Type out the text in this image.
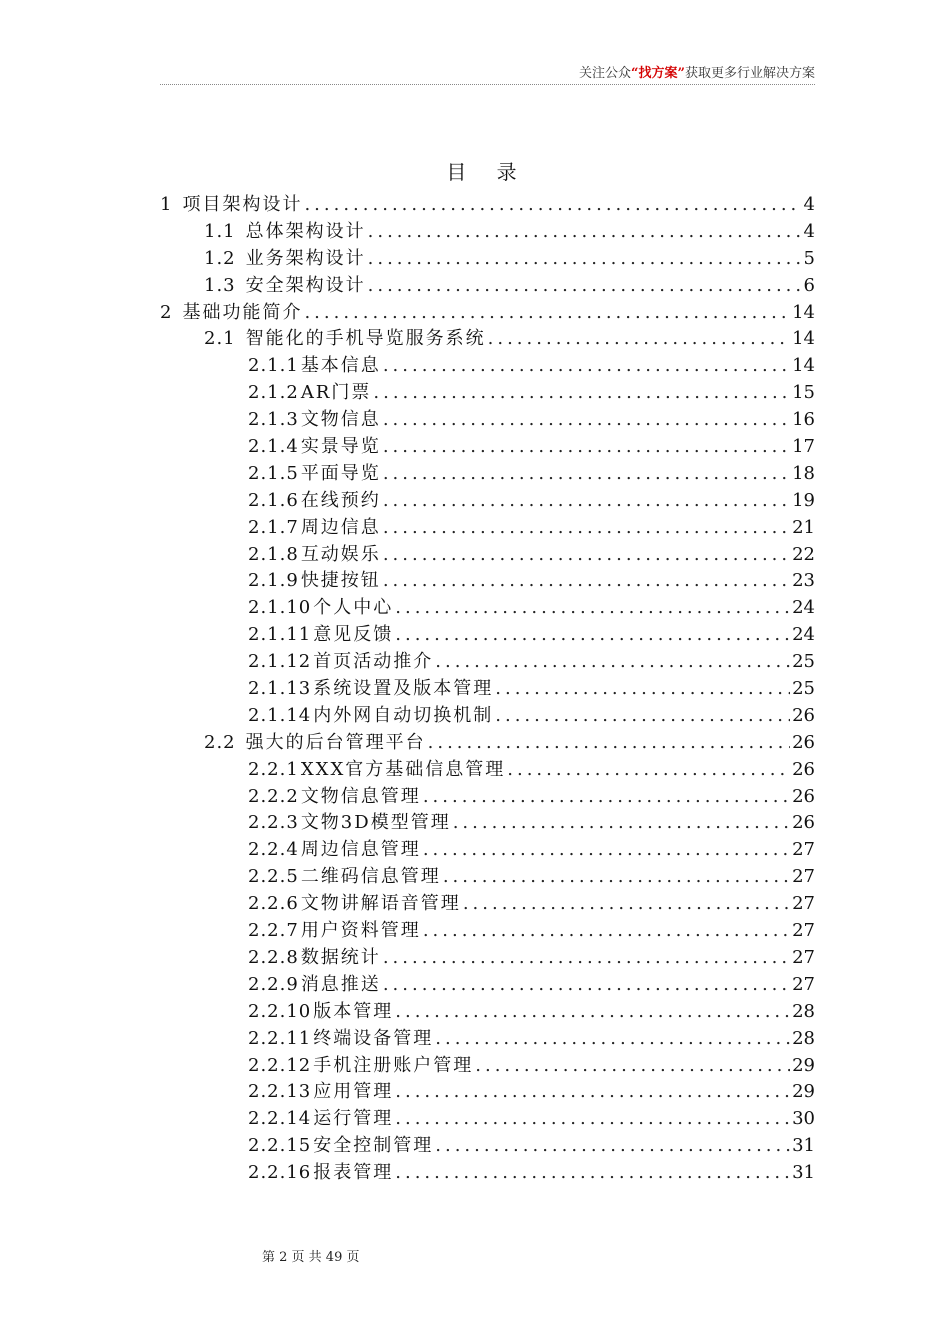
关注公众“找方案”获取更多行业解决方案
目 录
1 项目架构设计 .....	4
1.1 总体架构设计 .....	4
1.2 业务架构设计 .....	5
1.3 安全架构设计 .....	6
2 基础功能简介 .....	14
2.1 智能化的手机导览服务系统 .....	14
2.1.1 基本信息 .....	14
2.1.2 AR门票 .....	15
2.1.3 文物信息 .....	16
2.1.4 实景导览 .....	17
2.1.5 平面导览 .....	18
2.1.6 在线预约 .....	19
2.1.7 周边信息 .....	21
2.1.8 互动娱乐 .....	22
2.1.9 快捷按钮 .....	23
2.1.10 个人中心 .....	24
2.1.11 意见反馈 .....	24
2.1.12 首页活动推介 .....	25
2.1.13 系统设置及版本管理 .....	25
2.1.14 内外网自动切换机制 .....	26
2.2 强大的后台管理平台 .....	26
2.2.1 XXX官方基础信息管理 .....	26
2.2.2 文物信息管理 .....	26
2.2.3 文物3D模型管理 .....	26
2.2.4 周边信息管理 .....	27
2.2.5 二维码信息管理 .....	27
2.2.6 文物讲解语音管理 .....	27
2.2.7 用户资料管理 .....	27
2.2.8 数据统计 .....	27
2.2.9 消息推送 .....	27
2.2.10 版本管理 .....	28
2.2.11 终端设备管理 .....	28
2.2.12 手机注册账户管理 .....	29
2.2.13 应用管理 .....	29
2.2.14 运行管理 .....	30
2.2.15 安全控制管理 .....	31
2.2.16 报表管理 .....	31
第 2 页 共 49 页
